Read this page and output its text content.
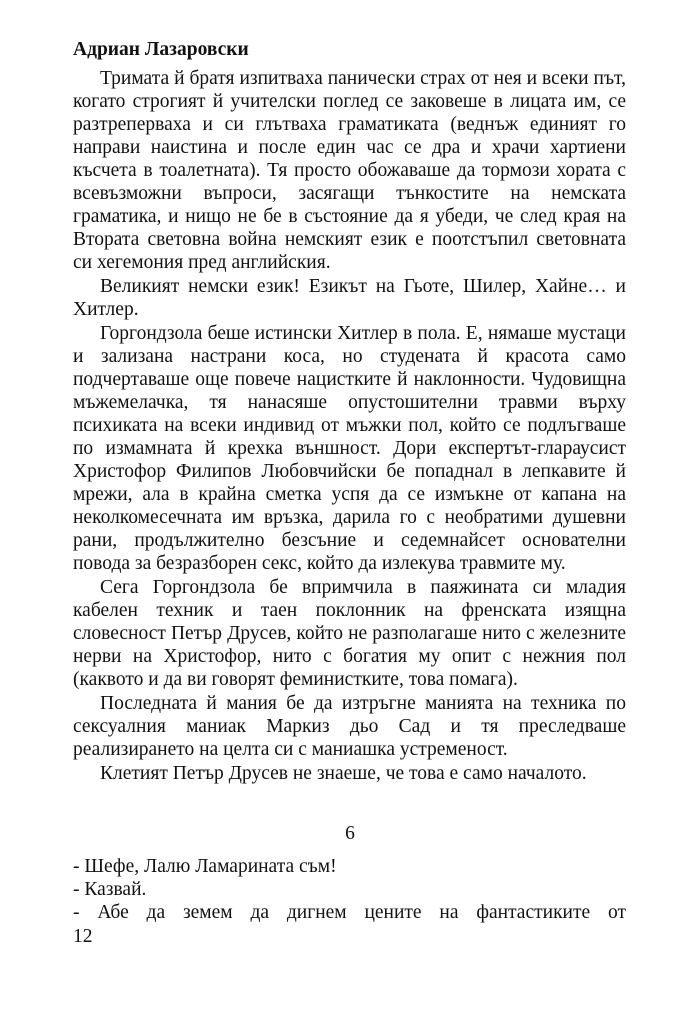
Адриан Лазаровски

Тримата й братя изпитваха панически страх от нея и всеки път, когато строгият й учителски поглед се заковеше в лицата им, се разтреперваха и си глътваха граматиката (веднъж единият го направи наистина и после един час се дра и храчи хартиени късчета в тоалетната). Тя просто обожаваше да тормози хората с всевъзможни въпроси, засягащи тънкостите на немската граматика, и нищо не бе в състояние да я убеди, че след края на Втората световна война немският език е поотстъпил световната си хегемония пред английския.

Великият немски език! Езикът на Гьоте, Шилер, Хайне… и Хитлер.

Горгондзола беше истински Хитлер в пола. Е, нямаше мустаци и зализана настрани коса, но студената й красота само подчертаваше още повече нацистките й наклонности. Чудовищна мъжемелачка, тя нанасяше опустошителни травми върху психиката на всеки индивид от мъжки пол, който се подлъгваше по измамната й крехка външност. Дори експертът-глараусист Христофор Филипов Любовчийски бе попаднал в лепкавите й мрежи, ала в крайна сметка успя да се измъкне от капана на неколкомесечната им връзка, дарила го с необратими душевни рани, продължително безсъние и седемнайсет основателни повода за безразборен секс, който да излекува травмите му.

Сега Горгондзола бе впримчила в паяжината си младия кабелен техник и таен поклонник на френската изящна словесност Петър Друсев, който не разполагаше нито с железните нерви на Христофор, нито с богатия му опит с нежния пол (каквото и да ви говорят феминистките, това помага).

Последната й мания бе да изтръгне манията на техника по сексуалния маниак Маркиз дьо Сад и тя преследваше реализирането на целта си с маниашка устременост.

Клетият Петър Друсев не знаеше, че това е само началото.

6

- Шефе, Лалю Ламарината съм!

- Казвай.

- Абе да земем да дигнем цените на фантастиките от

12
